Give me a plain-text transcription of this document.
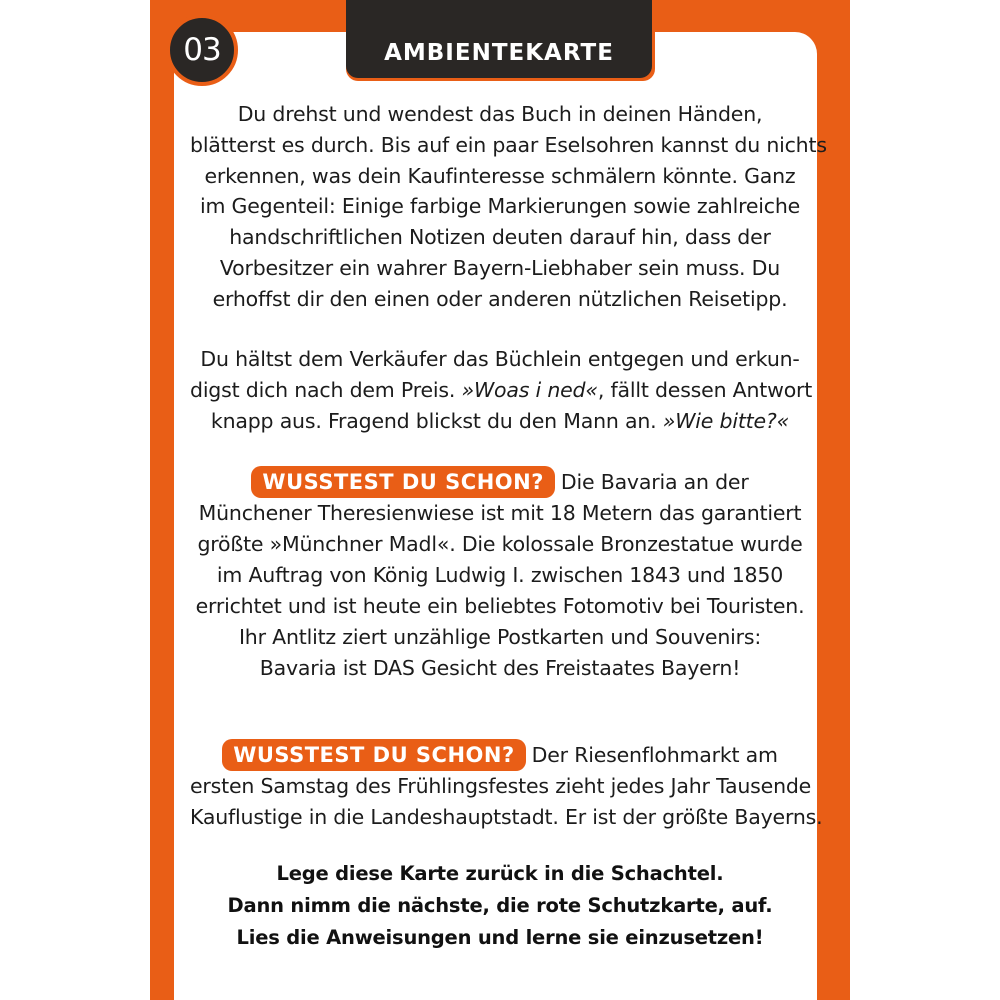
03	AMBIENTEKARTE
Du drehst und wendest das Buch in deinen Händen,
blätterst es durch. Bis auf ein paar Eselsohren kannst du nichts
erkennen, was dein Kaufinteresse schmälern könnte. Ganz
im Gegenteil: Einige farbige Markierungen sowie zahlreiche
handschriftlichen Notizen deuten darauf hin, dass der
Vorbesitzer ein wahrer Bayern-Liebhaber sein muss. Du
erhoffst dir den einen oder anderen nützlichen Reisetipp.
Du hältst dem Verkäufer das Büchlein entgegen und erkun-
digst dich nach dem Preis. »Woas i ned«, fällt dessen Antwort
knapp aus. Fragend blickst du den Mann an. »Wie bitte?«
WUSSTEST DU SCHON? Die Bavaria an der
Münchener Theresienwiese ist mit 18 Metern das garantiert
größte »Münchner Madl«. Die kolossale Bronzestatue wurde
im Auftrag von König Ludwig I. zwischen 1843 und 1850
errichtet und ist heute ein beliebtes Fotomotiv bei Touristen.
Ihr Antlitz ziert unzählige Postkarten und Souvenirs:
Bavaria ist DAS Gesicht des Freistaates Bayern!
WUSSTEST DU SCHON? Der Riesenflohmarkt am
ersten Samstag des Frühlingsfestes zieht jedes Jahr Tausende
Kauflustige in die Landeshauptstadt. Er ist der größte Bayerns.
Lege diese Karte zurück in die Schachtel.
Dann nimm die nächste, die rote Schutzkarte, auf.
Lies die Anweisungen und lerne sie einzusetzen!
